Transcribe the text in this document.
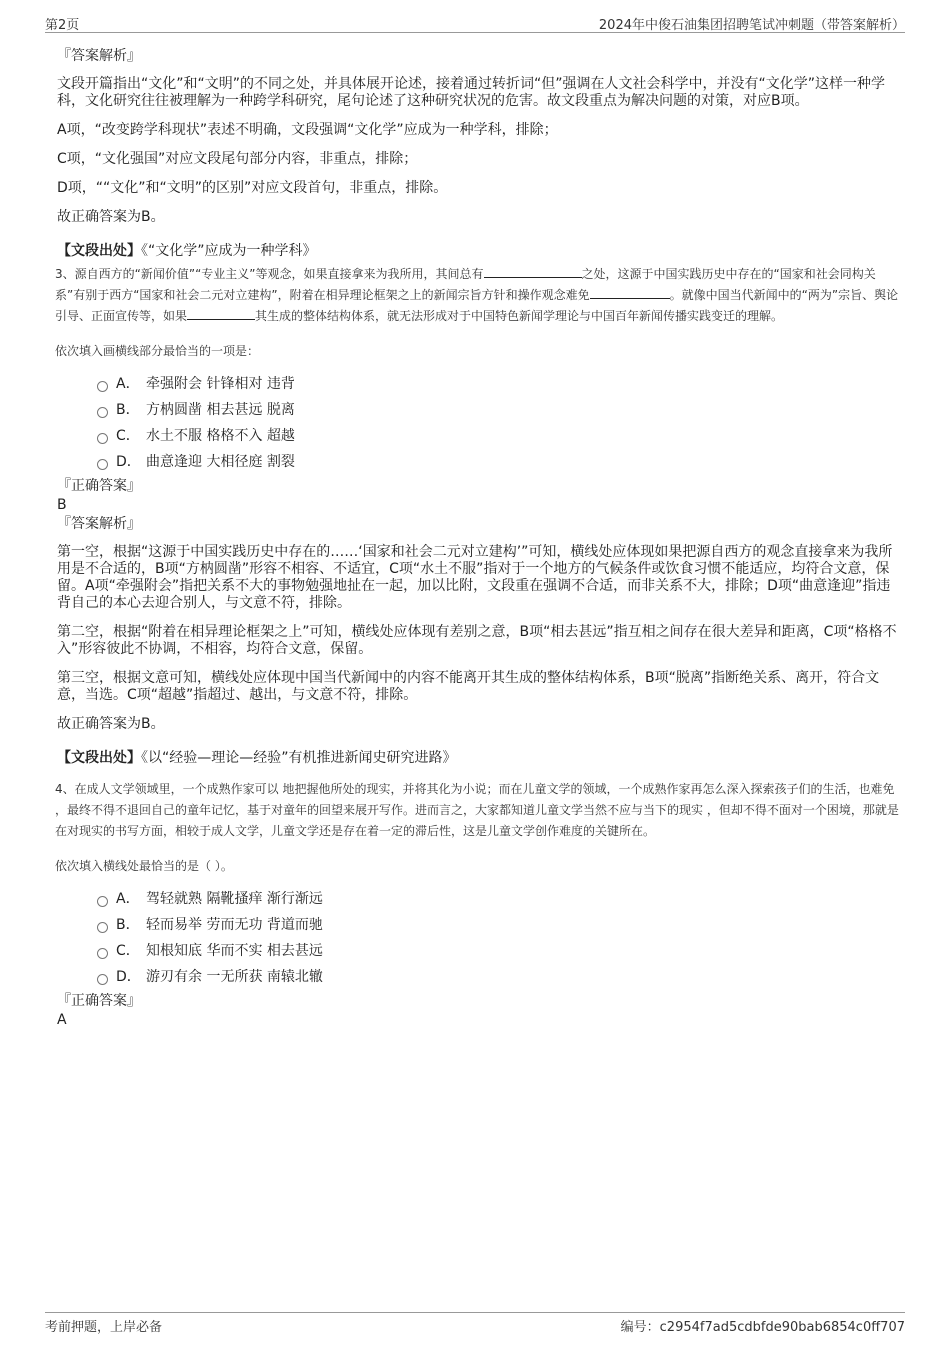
第2页	2024年中俊石油集团招聘笔试冲刺题（带答案解析）
『答案解析』

文段开篇指出“文化”和“文明”的不同之处，并具体展开论述，接着通过转折词“但”强调在人文社会科学中，并没有“文化学”这样一种学科，文化研究往往被理解为一种跨学科研究，尾句论述了这种研究状况的危害。故文段重点为解决问题的对策，对应B项。

A项，“改变跨学科现状”表述不明确，文段强调“文化学”应成为一种学科，排除；

C项，“文化强国”对应文段尾句部分内容，非重点，排除；

D项，““文化”和“文明”的区别”对应文段首句，非重点，排除。

故正确答案为B。

【文段出处】《“文化学”应成为一种学科》

3、源自西方的“新闻价值”“专业主义”等观念，如果直接拿来为我所用，其间总有	之处，这源于中国实践历史中存在的“国家和社会同构关系”有别于西方“国家和社会二元对立建构”，附着在相异理论框架之上的新闻宗旨方针和操作观念难免	。就像中国当代新闻中的“两为”宗旨、舆论引导、正面宣传等，如果	其生成的整体结构体系，就无法形成对于中国特色新闻学理论与中国百年新闻传播实践变迁的理解。

依次填入画横线部分最恰当的一项是：

A． 牵强附会 针锋相对 违背
B． 方枘圆凿 相去甚远 脱离
C． 水土不服 格格不入 超越
D． 曲意逢迎 大相径庭 割裂
『正确答案』
B
『答案解析』

第一空，根据“这源于中国实践历史中存在的……‘国家和社会二元对立建构’”可知，横线处应体现如果把源自西方的观念直接拿来为我所用是不合适的，B项“方枘圆凿”形容不相容、不适宜，C项“水土不服”指对于一个地方的气候条件或饮食习惯不能适应，均符合文意，保留。A项“牵强附会”指把关系不大的事物勉强地扯在一起，加以比附，文段重在强调不合适，而非关系不大，排除；D项“曲意逢迎”指违背自己的本心去迎合别人，与文意不符，排除。

第二空，根据“附着在相异理论框架之上”可知，横线处应体现有差别之意，B项“相去甚远”指互相之间存在很大差异和距离，C项“格格不入”形容彼此不协调，不相容，均符合文意，保留。

第三空，根据文意可知，横线处应体现中国当代新闻中的内容不能离开其生成的整体结构体系，B项“脱离”指断绝关系、离开，符合文意，当选。C项“超越”指超过、越出，与文意不符，排除。

故正确答案为B。

【文段出处】《以“经验—理论—经验”有机推进新闻史研究进路》

4、在成人文学领域里，一个成熟作家可以 地把握他所处的现实，并将其化为小说；而在儿童文学的领域，一个成熟作家再怎么深入探索孩子们的生活，也难免 ，最终不得不退回自己的童年记忆，基于对童年的回望来展开写作。进而言之，大家都知道儿童文学当然不应与当下的现实 ，但却不得不面对一个困境，那就是在对现实的书写方面，相较于成人文学，儿童文学还是存在着一定的滞后性，这是儿童文学创作难度的关键所在。

依次填入横线处最恰当的是（ ）。

A． 驾轻就熟 隔靴搔痒 渐行渐远
B． 轻而易举 劳而无功 背道而驰
C． 知根知底 华而不实 相去甚远
D． 游刃有余 一无所获 南辕北辙
『正确答案』
A
考前押题，上岸必备	编号：c2954f7ad5cdbfde90bab6854c0ff707
